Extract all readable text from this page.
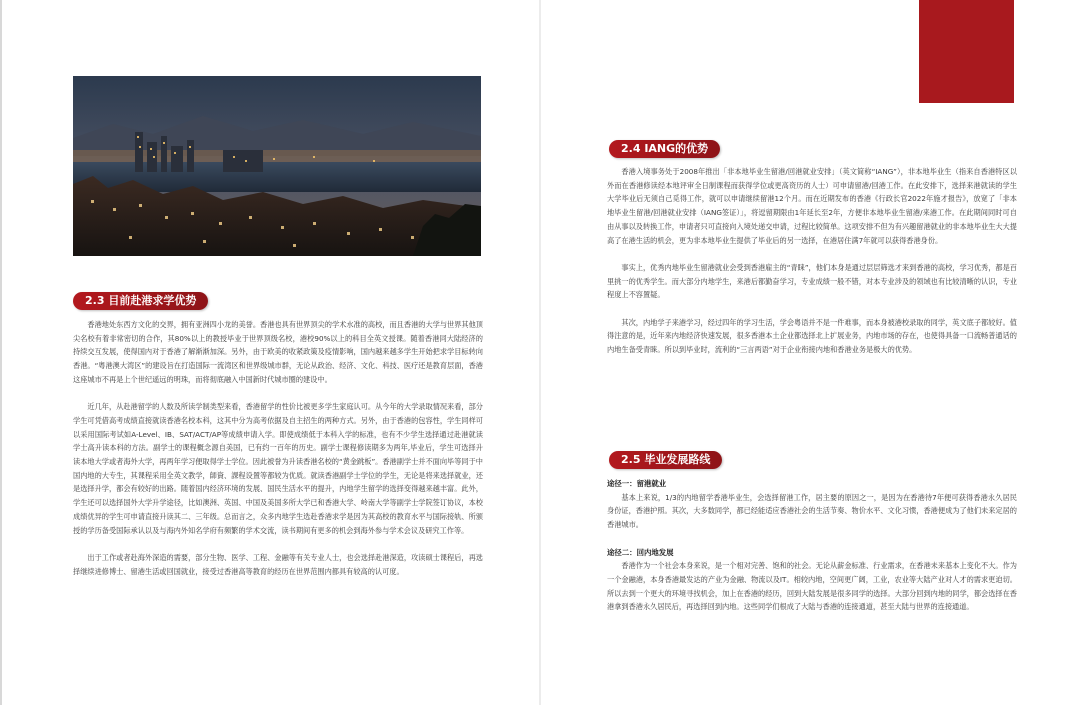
2.3 目前赴港求学优势

香港地处东西方文化的交界，拥有亚洲四小龙的美誉。香港也具有世界顶尖的学术水准的高校，而且香港的大学与世界其他顶尖名校有着非常密切的合作，其80%以上的教授毕业于世界顶级名校，港校90%以上的科目全英文授课。随着香港同大陆经济的持续交互发展，使得国内对于香港了解渐渐加深。另外，由于欧美的收紧政策及疫情影响，国内越来越多学生开始把求学目标转向香港。“粤港澳大湾区”的建设旨在打造国际一流湾区和世界级城市群，无论从政治、经济、文化、科技、医疗还是教育层面，香港这座城市不再是上个世纪遥远的明珠，而将彻底融入中国新时代城市圈的建设中。

近几年，从赴港留学的人数及所读学制类型来看，香港留学的性价比被更多学生家庭认可。从今年的大学录取情况来看，部分学生可凭借高考成绩直接就读香港名校本科，这其中分为高考依据及自主招生的两种方式。另外，由于香港的包容性，学生同样可以采用国际考试如A-Level、IB、SAT/ACT/AP等成绩申请入学。即使成绩低于本科入学的标准，也有不少学生选择通过赴港就读学士高升读本科的方法。副学士的课程概念源自美国，已有约一百年的历史。副学士课程修读期多为两年,毕业后，学生可选择升读本地大学或者海外大学，再两年学习便取得学士学位。因此被誉为升读香港名校的“黄金跳板”。香港副学士并不面向毕等同于中国内地的大专生，其课程采用全英文教学，師資、課程设置等都较为优质。就读香港副学士学位的学生，无论是将来选择就业，还是选择升学，都会有较好的出路。随着国内经济环境的发展、国民生活水平的提升，内地学生留学的选择变得越来越丰富。此外，学生还可以选择国外大学升学途径，比如澳洲、英国、中国及美国多所大学已和香港大学、岭南大学等副学士学院签订协议，本校成绩优异的学生可申请直接升读其二、三年级。总而言之，众多内地学生选赴香港求学是因为其高校的教育水平与国际接轨、所颁授的学历备受国际承认以及与海内外知名学府有频繁的学术交流，读书期间有更多的机会到海外参与学术会议及研究工作等。

出于工作或者赴海外深造的需要，部分生物、医学、工程、金融等有关专业人士，也会选择赴港深造，攻读硕士课程后，再选择继续进修博士、留港生活或回国就业，接受过香港高等教育的经历在世界范围内都具有较高的认可度。

2.4 IANG的优势

香港入境事务处于2008年推出「非本地毕业生留港/回港就业安排」（英文简称“IANG”），非本地毕业生（指来自香港特区以外而在香港修读经本地评审全日制课程而获得学位或更高资历的人士）可申请留港/回港工作。在此安排下，选择来港就读的学生大学毕业后无须自己觅得工作，就可以申请继续留港12个月。而在近期发布的香港《行政长官2022年施才报告》，放宽了「非本地毕业生留港/回港就业安排（IANG签证）」，将逗留期限由1年延长至2年，方便非本地毕业生留港/来港工作。在此期间同时可自由从事以及转换工作，申请者只可直接向入境处递交申请，过程比较简单。这项安排不但为有兴趣留港就业的非本地毕业生大大提高了在港生活的机会，更为非本地毕业生提供了毕业后的另一选择，在港居住满7年就可以获得香港身份。

事实上，优秀内地毕业生留港就业会受到香港雇主的“青睐”，他们本身是通过层层筛选才来到香港的高校，学习优秀，都是百里挑一的优秀学生。而大部分内地学生，来港后都勤奋学习，专业成绩一般不错，对本专业涉及的领域也有比较清晰的认识，专业程度上不容置疑。

其次，内地学子来港学习，经过四年的学习生活，学会粤语并不是一件难事，而本身被港校录取的同学，英文底子都较好。值得注意的是，近年来内地经济快速发展，很多香港本土企业都选择北上扩展业务，内地市场的存在，也使得具备一口流畅普通话的内地生备受青睐。所以到毕业时，流利的“三言两语”对于企业衔接内地和香港业务是极大的优势。

2.5 毕业发展路线
途径一：留港就业

基本上来说，1/3的内地留学香港毕业生，会选择留港工作，居主要的原因之一，是因为在香港待7年便可获得香港永久居民身份证，香港护照。其次，大多数同学，都已经能适应香港社会的生活节奏、物价水平、文化习惯，香港便成为了他们未来定居的香港城市。

途径二：回内地发展

香港作为一个社会本身来说，是一个相对完善、饱和的社会。无论从薪金标准、行业需求，在香港未来基本上变化不大。作为一个金融港，本身香港最发达的产业为金融、物流以及IT。相较内地，空间更广阔，工业，农业等大陆产业对人才的需求更迫切。所以去到一个更大的环境寻找机会，加上在香港的经历，回到大陆发展是很多同学的选择。大部分回到内地的同学，都会选择在香港拿到香港永久居民后，再选择回到内地。这些同学们根成了大陆与香港的连接通道，甚至大陆与世界的连接通道。
